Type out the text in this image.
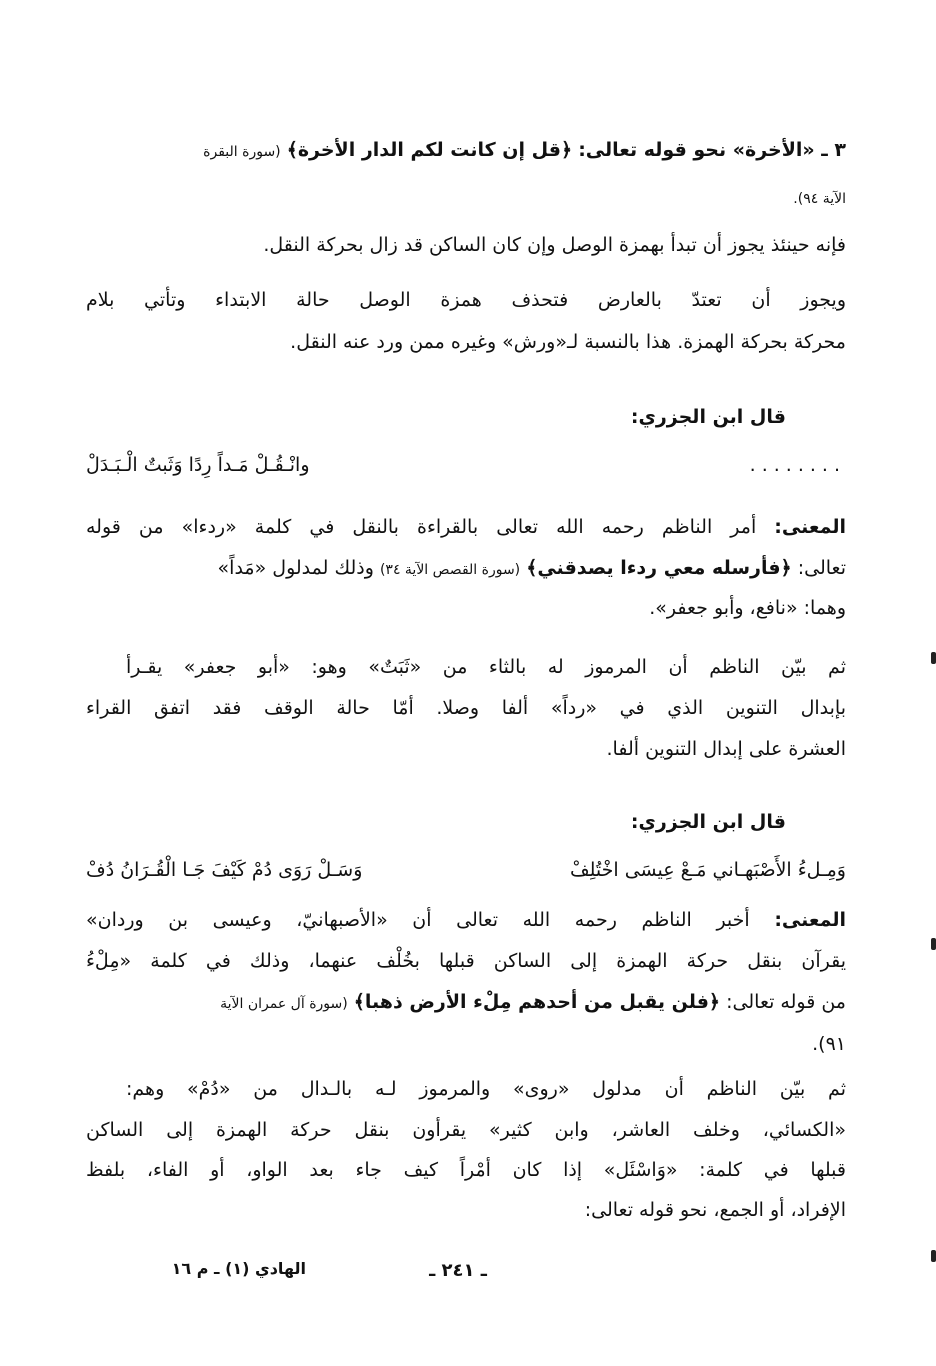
٣ ـ «الأخرة» نحو قوله تعالى: ﴿قل إن كانت لكم الدار الأخرة﴾ (سورة البقرة
الآية ٩٤).
فإنه حينئذ يجوز أن تبدأ بهمزة الوصل وإن كان الساكن قد زال بحركة النقل.
ويجوز أن تعتدّ بالعارض فتحذف همزة الوصل حالة الابتداء وتأتي بلام
محركة بحركة الهمزة. هذا بالنسبة لـ«ورش» وغيره ممن ورد عنه النقل.
قال ابن الجزري:
........
وانْـقُـلْ مَـداً رِدًا وَثَبتٌ الْـبَـدَلْ
المعنى: أمر الناظم رحمه الله تعالى بالقراءة بالنقل في كلمة «ردءا» من قوله
تعالى: ﴿فأرسله معي ردءا يصدقني﴾ (سورة القصص الآية ٣٤) وذلك لمدلول «مَداً»
وهما: «نافع، وأبو جعفر».
ثم بيّن الناظم أن المرموز له بالثاء من «ثَبَتٌ» وهو: «أبو جعفر» يقـرأ
بإبدال التنوين الذي في «رداً» ألفا وصلا. أمّا حالة الوقف فقد اتفق القراء
العشرة على إبدال التنوين ألفا.
قال ابن الجزري:
وَمِـلءُ الأَصْبَهـاني مَـعْ عِيسَى اخْتُلِفْ
وَسَـلْ رَوَى دُمْ كَيْفَ جَـا الْقُـرَانُ دُفْ
المعنى: أخبر الناظم رحمه الله تعالى أن «الأصبهانيّ، وعيسى بن وردان»
يقرآن بنقل حركة الهمزة إلى الساكن قبلها بخُلْف عنهما، وذلك في كلمة «مِلْءُ
من قوله تعالى: ﴿فلن يقبل من أحدهم مِلْء الأرض ذهبا﴾ (سورة آل عمران الآية
٩١).
ثم بيّن الناظم أن مدلول «روى» والمرموز لـه بالـدال من «دُمْ» وهم:
«الكسائي، وخلف العاشر، وابن كثير» يقرأون بنقل حركة الهمزة إلى الساكن
قبلها في كلمة: «وَاسْئَل» إذا كان أمْراً كيف جاء بعد الواو، أو الفاء، بلفظ
الإفراد، أو الجمع، نحو قوله تعالى:
الهادي (١) ـ م ١٦	ـ ٢٤١ ـ
